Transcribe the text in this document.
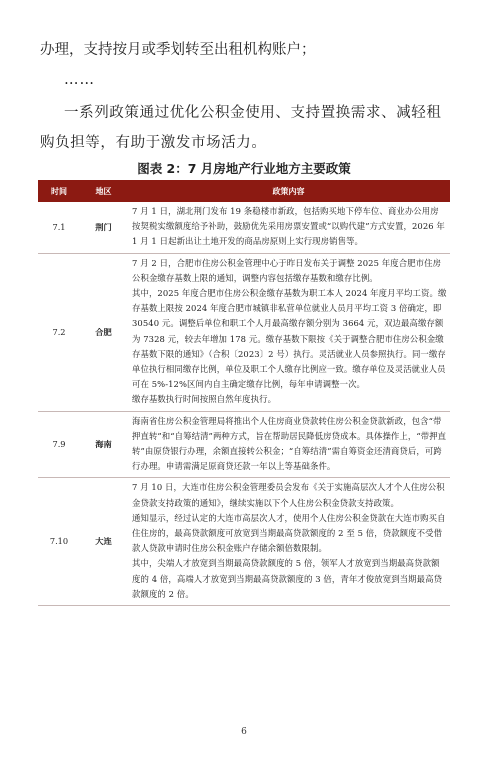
办理，支持按月或季划转至出租机构账户；
……
一系列政策通过优化公积金使用、支持置换需求、减轻租购负担等，有助于激发市场活力。
图表 2：7 月房地产行业地方主要政策
时间	地区	政策内容
7.1	荆门	7 月 1 日，湖北荆门发布 19 条稳楼市新政，包括购买地下停车位、商业办公用房按契税实缴额度给予补助，鼓励优先采用房票安置或“以购代建”方式安置，2026 年 1 月 1 日起新出让土地开发的商品房原则上实行现房销售等。

7.2	合肥	7 月 2 日，合肥市住房公积金管理中心于昨日发布关于调整 2025 年度合肥市住房公积金缴存基数上限的通知，调整内容包括缴存基数和缴存比例。

其中，2025 年度合肥市住房公积金缴存基数为职工本人 2024 年度月平均工资。缴存基数上限按 2024 年度合肥市城镇非私营单位就业人员月平均工资 3 倍确定，即 30540 元。调整后单位和职工个人月最高缴存额分别为 3664 元，双边最高缴存额为 7328 元，较去年增加 178 元。缴存基数下限按《关于调整合肥市住房公积金缴存基数下限的通知》（合积〔2023〕2 号）执行。灵活就业人员参照执行。同一缴存单位执行相同缴存比例，单位及职工个人缴存比例应一致。缴存单位及灵活就业人员可在 5%-12%区间内自主确定缴存比例，每年申请调整一次。

缴存基数执行时间按照自然年度执行。

7.9	海南	海南省住房公积金管理局将推出个人住房商业贷款转住房公积金贷款新政，包含“带押直转”和“自筹结清”两种方式，旨在帮助居民降低房贷成本。具体操作上，“带押直转”由原贷银行办理，余额直接转公积金；“自筹结清”需自筹资金还清商贷后，可跨行办理。申请需满足原商贷还款一年以上等基础条件。

7.10	大连	7 月 10 日，大连市住房公积金管理委员会发布《关于实施高层次人才个人住房公积金贷款支持政策的通知》，继续实施以下个人住房公积金贷款支持政策。

通知显示，经过认定的大连市高层次人才，使用个人住房公积金贷款在大连市购买自住住房的，最高贷款额度可放宽到当期最高贷款额度的 2 至 5 倍，贷款额度不受借款人贷款申请时住房公积金账户存储余额倍数限制。

其中，尖端人才放宽到当期最高贷款额度的 5 倍，领军人才放宽到当期最高贷款额度的 4 倍，高端人才放宽到当期最高贷款额度的 3 倍，青年才俊放宽到当期最高贷款额度的 2 倍。

6
